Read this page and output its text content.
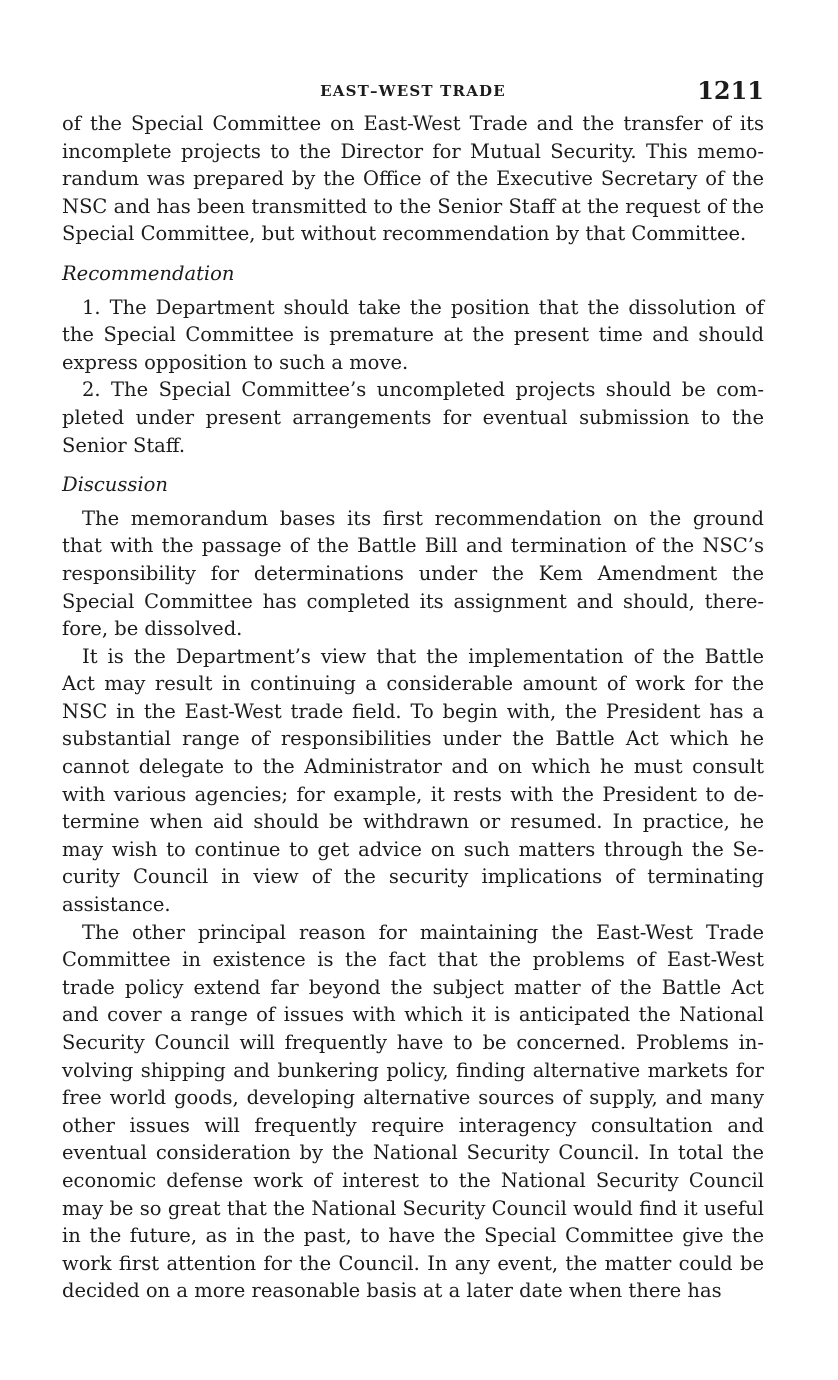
EAST–WEST TRADE	1211

of the Special Committee on East-West Trade and the transfer of its incomplete projects to the Director for Mutual Security. This memorandum was prepared by the Office of the Executive Secretary of the NSC and has been transmitted to the Senior Staff at the request of the Special Committee, but without recommendation by that Committee.

Recommendation

1. The Department should take the position that the dissolution of the Special Committee is premature at the present time and should express opposition to such a move.
2. The Special Committee’s uncompleted projects should be completed under present arrangements for eventual submission to the Senior Staff.

Discussion

The memorandum bases its first recommendation on the ground that with the passage of the Battle Bill and termination of the NSC’s responsibility for determinations under the Kem Amendment the Special Committee has completed its assignment and should, therefore, be dissolved.

It is the Department’s view that the implementation of the Battle Act may result in continuing a considerable amount of work for the NSC in the East-West trade field. To begin with, the President has a substantial range of responsibilities under the Battle Act which he cannot delegate to the Administrator and on which he must consult with various agencies; for example, it rests with the President to determine when aid should be withdrawn or resumed. In practice, he may wish to continue to get advice on such matters through the Security Council in view of the security implications of terminating assistance.

The other principal reason for maintaining the East-West Trade Committee in existence is the fact that the problems of East-West trade policy extend far beyond the subject matter of the Battle Act and cover a range of issues with which it is anticipated the National Security Council will frequently have to be concerned. Problems involving shipping and bunkering policy, finding alternative markets for free world goods, developing alternative sources of supply, and many other issues will frequently require interagency consultation and eventual consideration by the National Security Council. In total the economic defense work of interest to the National Security Council may be so great that the National Security Council would find it useful in the future, as in the past, to have the Special Committee give the work first attention for the Council. In any event, the matter could be decided on a more reasonable basis at a later date when there has
